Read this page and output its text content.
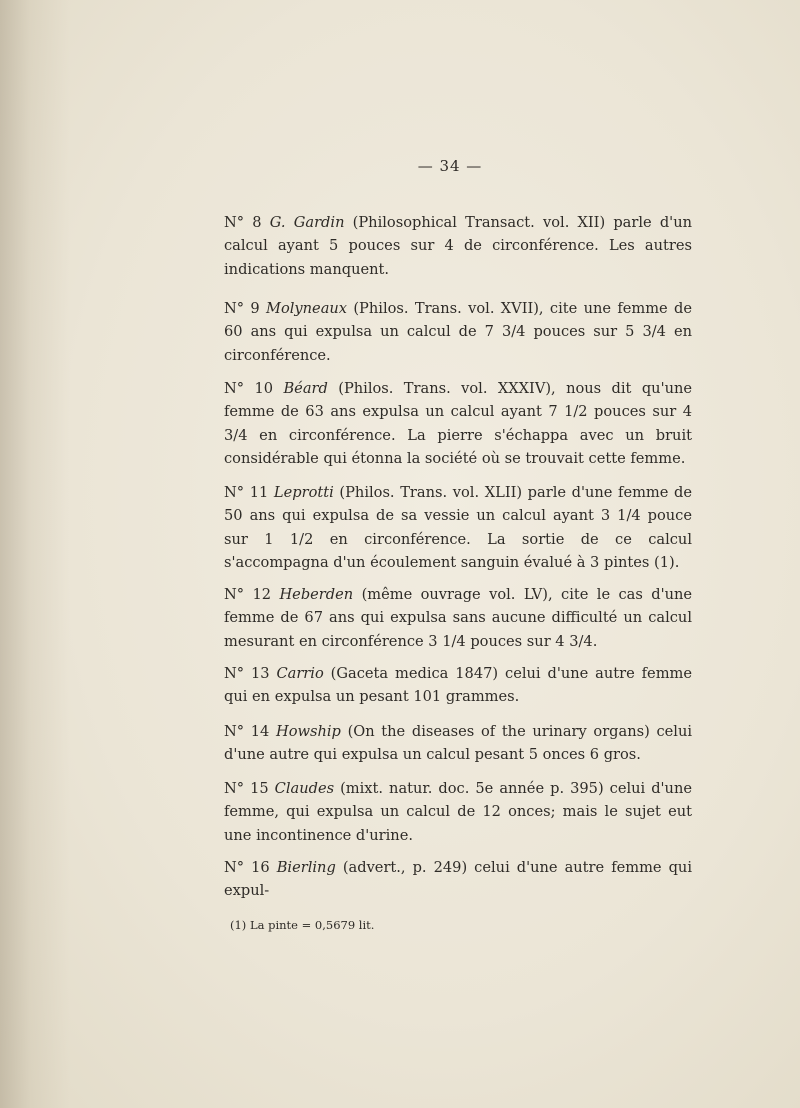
— 34 —

N° 8 G. Gardin (Philosophical Transact. vol. XII) parle d'un calcul ayant 5 pouces sur 4 de circonférence. Les autres indications manquent.

N° 9 Molyneaux (Philos. Trans. vol. XVII), cite une femme de 60 ans qui expulsa un calcul de 7 3/4 pouces sur 5 3/4 en circonférence.

N° 10 Béard (Philos. Trans. vol. XXXIV), nous dit qu'une femme de 63 ans expulsa un calcul ayant 7 1/2 pouces sur 4 3/4 en circonférence. La pierre s'échappa avec un bruit considérable qui étonna la société où se trouvait cette femme.

N° 11 Leprotti (Philos. Trans. vol. XLII) parle d'une femme de 50 ans qui expulsa de sa vessie un calcul ayant 3 1/4 pouce sur 1 1/2 en circonférence. La sortie de ce calcul s'accompagna d'un écoulement sanguin évalué à 3 pintes (1).

N° 12 Heberden (même ouvrage vol. LV), cite le cas d'une femme de 67 ans qui expulsa sans aucune difficulté un calcul mesurant en circonférence 3 1/4 pouces sur 4 3/4.

N° 13 Carrio (Gaceta medica 1847) celui d'une autre femme qui en expulsa un pesant 101 grammes.

N° 14 Howship (On the diseases of the urinary organs) celui d'une autre qui expulsa un calcul pesant 5 onces 6 gros.

N° 15 Claudes (mixt. natur. doc. 5e année p. 395) celui d'une femme, qui expulsa un calcul de 12 onces; mais le sujet eut une incontinence d'urine.

N° 16 Bierling (advert., p. 249) celui d'une autre femme qui expul-

(1) La pinte = 0,5679 lit.
